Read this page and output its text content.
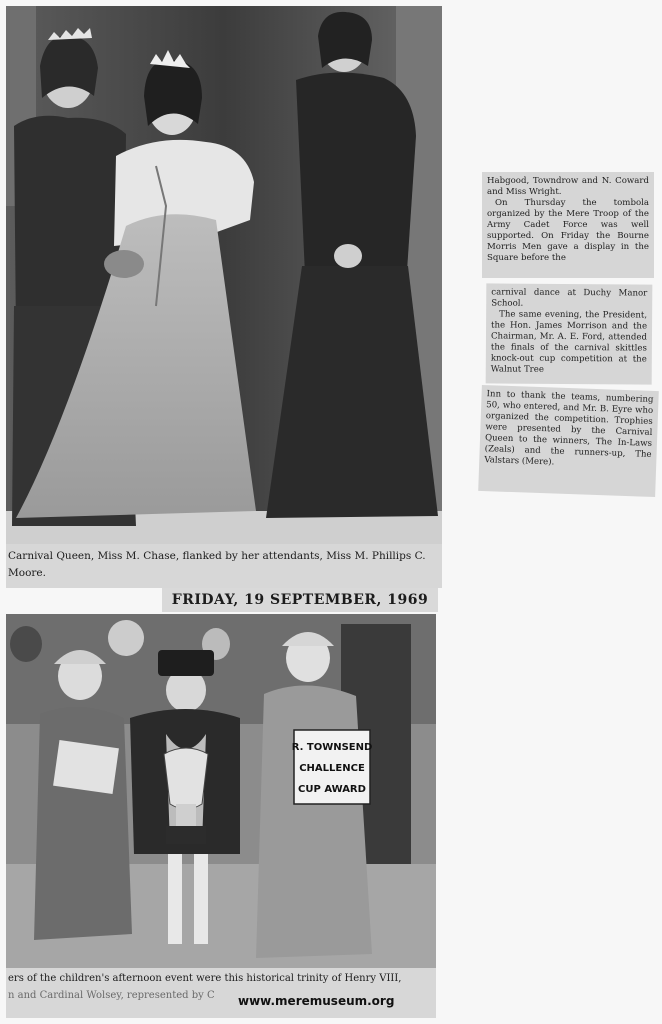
Carnival Queen, Miss M. Chase, flanked by her attendants, Miss M. Phillips C. Moore.
FRIDAY, 19 SEPTEMBER, 1969
R. TOWNSEND
CHALLENCE
CUP AWARD
ers of the children's afternoon event were this historical trinity of Henry VIII,
n and Cardinal Wolsey, represented by C	www.meremuseum.org

Habgood, Towndrow and N. Coward and Miss Wright.

On Thursday the tombola organized by the Mere Troop of the Army Cadet Force was well supported. On Friday the Bourne Morris Men gave a display in the Square before the

carnival dance at Duchy Manor School.

The same evening, the President, the Hon. James Morrison and the Chairman, Mr. A. E. Ford, attended the finals of the carnival skittles knock-out cup competition at the Walnut Tree

Inn to thank the teams, numbering 50, who entered, and Mr. B. Eyre who organized the competition. Trophies were presented by the Carnival Queen to the winners, The In-Laws (Zeals) and the runners-up, The Valstars (Mere).
